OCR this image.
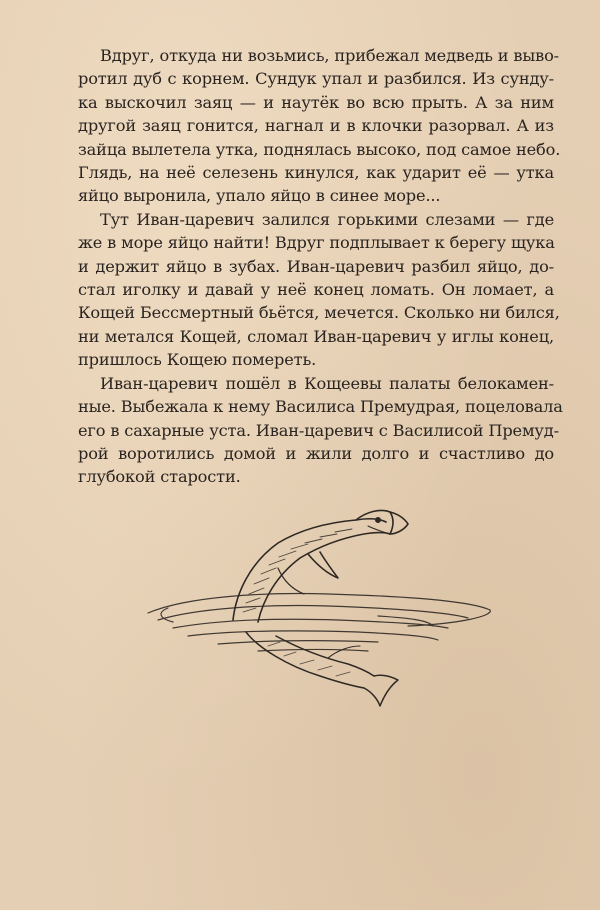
Вдруг, откуда ни возьмись, прибежал медведь и выво-
ротил дуб с корнем. Сундук упал и разбился. Из сунду-
ка выскочил заяц — и наутёк во всю прыть. А за ним
другой заяц гонится, нагнал и в клочки разорвал. А из
зайца вылетела утка, поднялась высоко, под самое небо.
Глядь, на неё селезень кинулся, как ударит её — утка
яйцо выронила, упало яйцо в синее море...

Тут Иван-царевич залился горькими слезами — где
же в море яйцо найти! Вдруг подплывает к берегу щука
и держит яйцо в зубах. Иван-царевич разбил яйцо, до-
стал иголку и давай у неё конец ломать. Он ломает, а
Кощей Бессмертный бьётся, мечется. Сколько ни бился,
ни метался Кощей, сломал Иван-царевич у иглы конец,
пришлось Кощею помереть.

Иван-царевич пошёл в Кощеевы палаты белокамен-
ные. Выбежала к нему Василиса Премудрая, поцеловала
его в сахарные уста. Иван-царевич с Василисой Премуд-
рой воротились домой и жили долго и счастливо до
глубокой старости.
